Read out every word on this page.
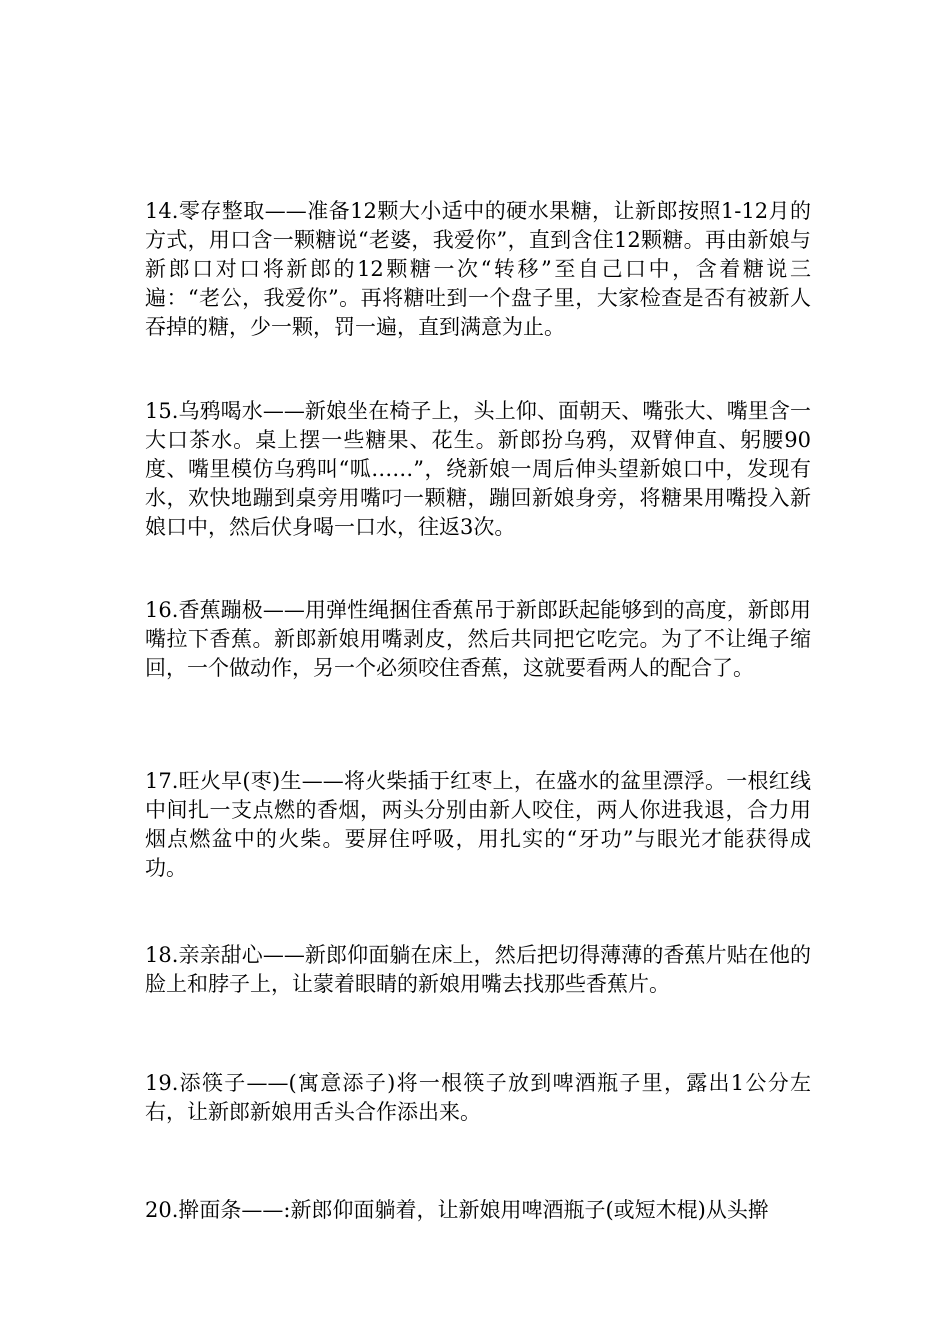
14.零存整取——准备12颗大小适中的硬水果糖，让新郎按照1-12月的方式，用口含一颗糖说“老婆，我爱你”，直到含住12颗糖。再由新娘与新郎口对口将新郎的12颗糖一次“转移”至自己口中，含着糖说三遍：“老公，我爱你”。再将糖吐到一个盘子里，大家检查是否有被新人吞掉的糖，少一颗，罚一遍，直到满意为止。

15.乌鸦喝水——新娘坐在椅子上，头上仰、面朝天、嘴张大、嘴里含一大口茶水。桌上摆一些糖果、花生。新郎扮乌鸦，双臂伸直、躬腰90度、嘴里模仿乌鸦叫“呱……”，绕新娘一周后伸头望新娘口中，发现有水，欢快地蹦到桌旁用嘴叼一颗糖，蹦回新娘身旁，将糖果用嘴投入新娘口中，然后伏身喝一口水，往返3次。

16.香蕉蹦极——用弹性绳捆住香蕉吊于新郎跃起能够到的高度，新郎用嘴拉下香蕉。新郎新娘用嘴剥皮，然后共同把它吃完。为了不让绳子缩回，一个做动作，另一个必须咬住香蕉，这就要看两人的配合了。

17.旺火早(枣)生——将火柴插于红枣上，在盛水的盆里漂浮。一根红线中间扎一支点燃的香烟，两头分别由新人咬住，两人你进我退，合力用烟点燃盆中的火柴。要屏住呼吸，用扎实的“牙功”与眼光才能获得成功。

18.亲亲甜心——新郎仰面躺在床上，然后把切得薄薄的香蕉片贴在他的脸上和脖子上，让蒙着眼睛的新娘用嘴去找那些香蕉片。

19.添筷子——(寓意添子)将一根筷子放到啤酒瓶子里，露出1公分左右，让新郎新娘用舌头合作添出来。

20.擀面条——:新郎仰面躺着，让新娘用啤酒瓶子(或短木棍)从头擀
